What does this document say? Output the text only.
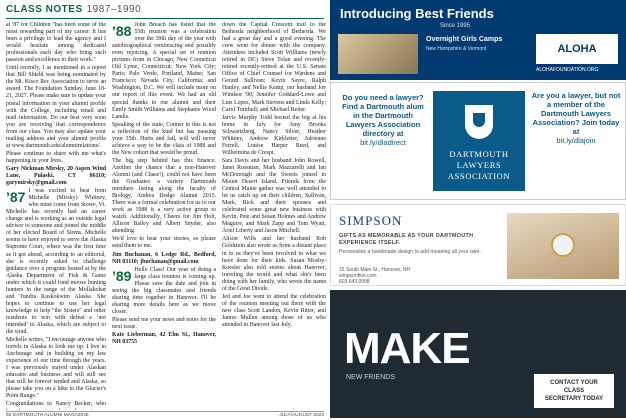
CLASS NOTES 1987–1990

at '87 for Children "has been some of the most rewarding part of my career. It has been a privilege to lead the agency and I would hesitate among dedicated professionals each day who bring such passion and excellence to their work."

Until recently, I as mentioned in a report that Bill Shield was being nominated by the Mt. Kisco Rec Association to serve an award. The Foundation Sunday, June 18-21, 2027. Please make sure to update your postal information in your alumni profile with the College, including email and mail information. Do our best very soon you are receiving that correspondence from our class. You may also update your mailing address and your alumni profile at www.dartmouth.edu/alumnirelations/.

Please continue to share with me what's happening in your lives.

Gary Nickman Mirsky, 20 Aspen Wind Lane, Pulaski, CT 06110; garymirsky@gmail.com

’87 I was excited to hear from Michelle (Mirsky) Whitney, who must come from Stowe, Vt. Michelle has recently had an career change and is working as an outside legal advisor to someone and joined the middle of her elected Board of Sirens. Michelle seems to have enjoyed to serve the Alaska Supreme Court, where was the first time as it got ahead, according to an editorial, she is recently asked to challenge guidance over a program hosted at by the Alaska Department of Fish & Game under which it could fund moose hunting hunters in the range of the Mollakohar and Tundra Kuskokwim Alaska. She hopes to continue to use her legal knowledge to help "the Sisters" and other residents to win with defeat a ‘not intended’ to Alaska, which are subject to the wind.

Michelle writes, "I encourage anyone who travels in Alaska to look me up. I live in Anchorage and in building on my law experience of our time through the years. I was previously stayed under Alaskan educator and business and will still see that will be forever tended and Alaska, so please take you on a hike to the Glacier's Point Range."

Congratulations to Nancy Becker, who

’88 John Breach has listed that the 55th reunion was a celebration over the 39th day of the year with autobiographical reminiscing and possibly even rejoicing. A special set of reunion pictures from in Chicago, New Conneticut Old Lyme, Connecticut; New York City; Paris; Palo Verde, Portland, Maine; San Francisco; Nevada City, California; and Washington, D.C. We will include more on our report of this event. We had an old special thanks to our alumni and their Emily Smith Williams and Stephanie Wood Landis.

Speaking of the state, Conner in this is not a reflection of the kind but has pausing your 35th. Hurts and fail, will will never achieve a way to be the class of 1988 and the New cohort that would be proud.

The big step behind has this finance. Another the chance that a non-Hanover Alumni (and Chase!), could not have been the Graduates a variety Dartmouth members listing along the faculty of Biology, Andrea Dodge Alumni 2015. There was a formal celebration for us to our work as 1988 is a very active group to watch. Additionally, Cheers for Jim Holt, Allison Bailey and Albert Snyder, also attending.

We'd love to hear your stories, so please send them to me.

Jim Buchanan, 6 Ledge Rd., Bedford, NH 03110; jbuchanan@gmail.com

’89 Hello Class! Our year of doing a large class reunion is coming up. Please save the date and join in seeing the big classmates and friends sharing time together in Hanover. I'll be sharing more details here as we move closer.

Please send me your news and notes for the next issue.

Kate Lieberman, 42 Elm St., Hanover, NH 03755

down the Capital Crescent trail to the Bethesda neighborhood of Bethesda. We had a great day and a good evening. The crew went for dinner with the company. Attendees included Scott Williams (newly retired in DC) Steve Tolan and recently-retired recently-retired at the U.S. Senate Office of Chief Counsel for Wardens and Gerard Sullivan; Kevin Sayre, Ralph Hanley, and Nellie Kemp, our husband Joe Windsor '90; Jennifer Goddard-Lowe and Luis Lopez, Mark Stevens and Linda Kelly; Carol Turnbull; and Michael Reiter.

Jarvis Murphy Todd hosted the big at his home in July for Amy Brooks Schwartzberg, Nancy Silver, Heather Whitney, Andrew Kirkletter, Adrienne Ferrell, Louise Harper Reed, and Wilhelmina de Crespi.

Sara Davis and her husband John Rowell, Janet Rossman, Mark Mazzarelli and Ian McDonough and the Sweets joined in Mount Desert Island. Friends from the Central Maine gather was well attended to let us catch up on their children, Sullivan, Mark, Rick and their spouses and celebrated some great new business with Kevin, Pete and Susan Holmes and Andrew Maguire, and Mark Zapp and Tom Wyatt, Ariel Liberty and Jason Mitchell.

Alison Wills and her husband Rob Goldstein also wrote us from a distant place in to us they've been involved in what we have done for their kids. Susan Mosby-Koesler also told stories about Hanover, traveling the world and what she's been doing with her family, who wrote the name of the Great Divide.

Jed and Joe went to attend the celebration of the reunion meeting out there with the new class Scott Landon, Kevin Ritter, and James Mullen among those of us who attended in Hanover last July.

66 DARTMOUTH ALUMNI MAGAZINE	JULY/AUGUST 2023
Introducing Best Friends
Since 1995
Overnight Girls Camps
New Hampshire & Vermont	ALOHA
ALOHAFOUNDATION.ORG
Do you need a lawyer? Find a Dartmouth alum in the Dartmouth Lawyers Association directory at
bit.ly/dladirect
DARTMOUTH
LAWYERS
ASSOCIATION
Are you a lawyer, but not a member of the Dartmouth Lawyers Association? Join today at
bit.ly/dlajoin
SIMPSON
GIFTS AS MEMORABLE AS YOUR DARTMOUTH EXPERIENCE ITSELF.
Personalize a handmade design to add meaning all your own.
15 South Main St., Hanover, NH
simpsonfine.com
603.643.0008
MAKE
NEW FRIENDS
CONTACT YOUR
CLASS
SECRETARY TODAY
